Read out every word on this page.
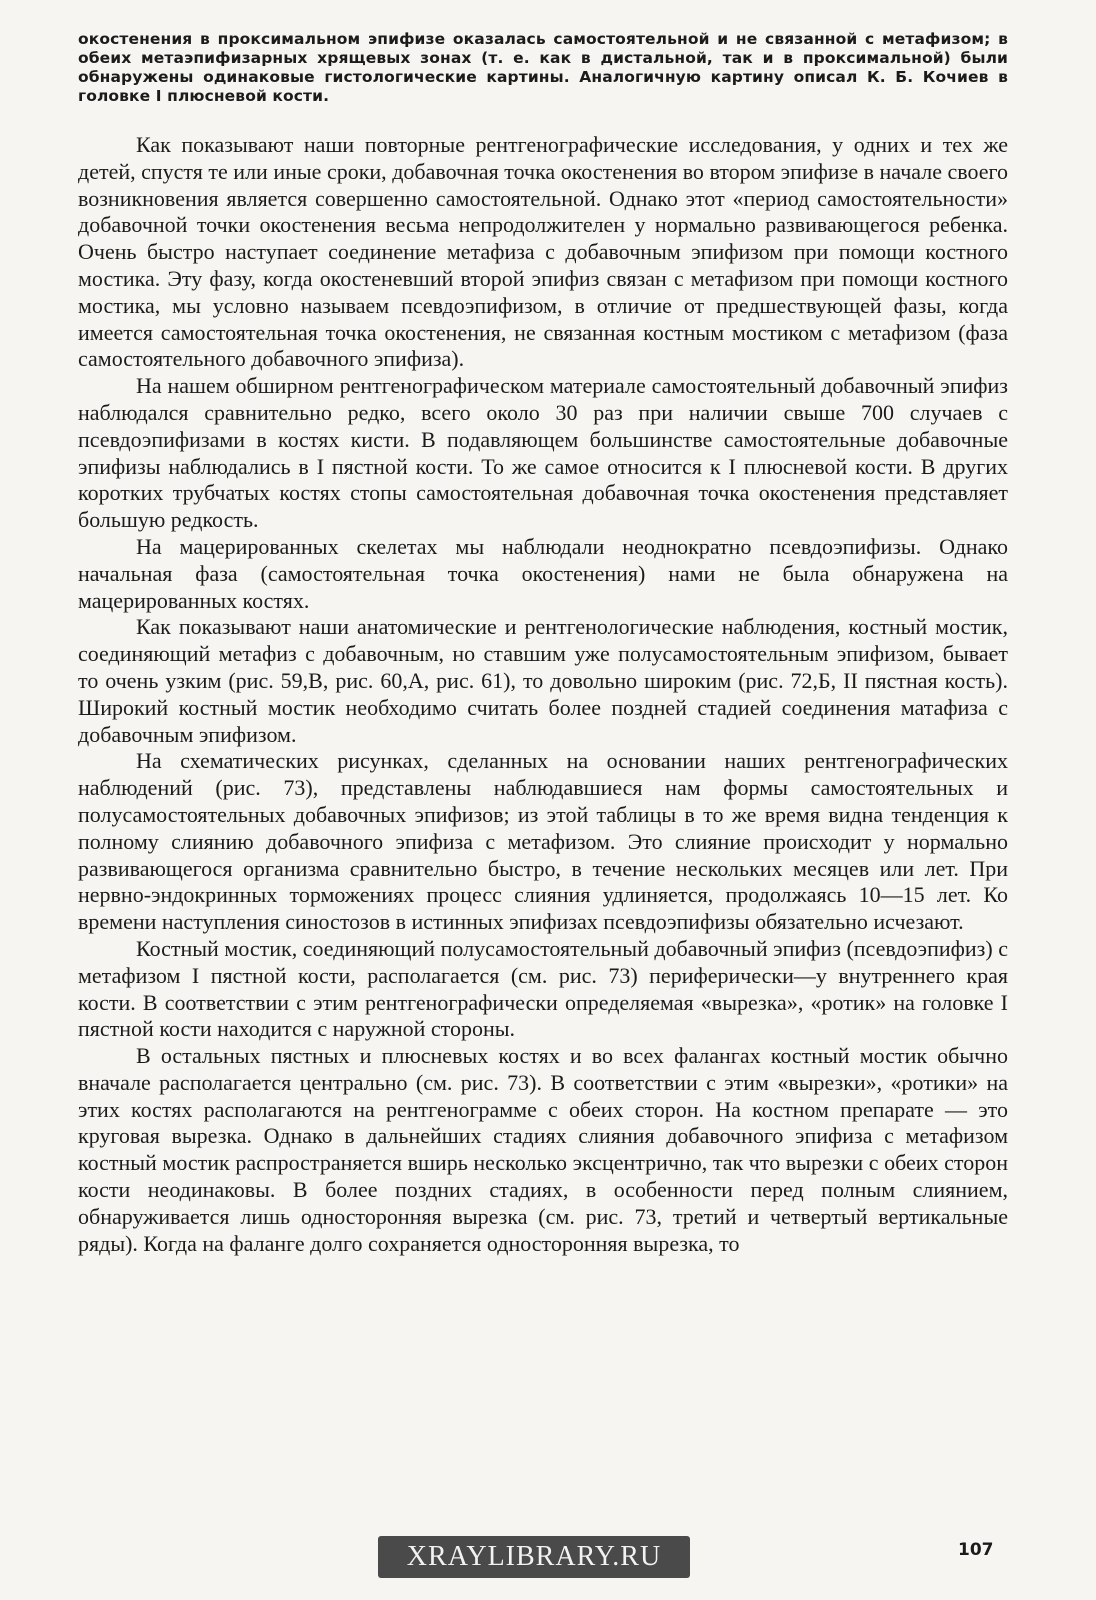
окостенения в проксимальном эпифизе оказалась самостоятельной и не связанной с метафизом; в обеих метаэпифизарных хрящевых зонах (т. е. как в дистальной, так и в проксимальной) были обнаружены одинаковые гистологические картины. Аналогичную картину описал К. Б. Кочиев в головке I плюсневой кости.

Как показывают наши повторные рентгенографические исследования, у одних и тех же детей, спустя те или иные сроки, добавочная точка окостенения во втором эпифизе в начале своего возникновения является совершенно самостоятельной. Однако этот «период самостоятельности» добавочной точки окостенения весьма непродолжителен у нормально развивающегося ребенка. Очень быстро наступает соединение метафиза с добавочным эпифизом при помощи костного мостика. Эту фазу, когда окостеневший второй эпифиз связан с метафизом при помощи костного мостика, мы условно называем псевдоэпифизом, в отличие от предшествующей фазы, когда имеется самостоятельная точка окостенения, не связанная костным мостиком с метафизом (фаза самостоятельного добавочного эпифиза).

На нашем обширном рентгенографическом материале самостоятельный добавочный эпифиз наблюдался сравнительно редко, всего около 30 раз при наличии свыше 700 случаев с псевдоэпифизами в костях кисти. В подавляющем большинстве самостоятельные добавочные эпифизы наблюдались в I пястной кости. То же самое относится к I плюсневой кости. В других коротких трубчатых костях стопы самостоятельная добавочная точка окостенения представляет большую редкость.

На мацерированных скелетах мы наблюдали неоднократно псевдоэпифизы. Однако начальная фаза (самостоятельная точка окостенения) нами не была обнаружена на мацерированных костях.

Как показывают наши анатомические и рентгенологические наблюдения, костный мостик, соединяющий метафиз с добавочным, но ставшим уже полусамостоятельным эпифизом, бывает то очень узким (рис. 59,В, рис. 60,А, рис. 61), то довольно широким (рис. 72,Б, II пястная кость). Широкий костный мостик необходимо считать более поздней стадией соединения матафиза с добавочным эпифизом.

На схематических рисунках, сделанных на основании наших рентгенографических наблюдений (рис. 73), представлены наблюдавшиеся нам формы самостоятельных и полусамостоятельных добавочных эпифизов; из этой таблицы в то же время видна тенденция к полному слиянию добавочного эпифиза с метафизом. Это слияние происходит у нормально развивающегося организма сравнительно быстро, в течение нескольких месяцев или лет. При нервно-эндокринных торможениях процесс слияния удлиняется, продолжаясь 10—15 лет. Ко времени наступления синостозов в истинных эпифизах псевдоэпифизы обязательно исчезают.

Костный мостик, соединяющий полусамостоятельный добавочный эпифиз (псевдоэпифиз) с метафизом I пястной кости, располагается (см. рис. 73) периферически—у внутреннего края кости. В соответствии с этим рентгенографически определяемая «вырезка», «ротик» на головке I пястной кости находится с наружной стороны.

В остальных пястных и плюсневых костях и во всех фалангах костный мостик обычно вначале располагается центрально (см. рис. 73). В соответствии с этим «вырезки», «ротики» на этих костях располагаются на рентгенограмме с обеих сторон. На костном препарате — это круговая вырезка. Однако в дальнейших стадиях слияния добавочного эпифиза с метафизом костный мостик распространяется вширь несколько эксцентрично, так что вырезки с обеих сторон кости неодинаковы. В более поздних стадиях, в особенности перед полным слиянием, обнаруживается лишь односторонняя вырезка (см. рис. 73, третий и четвертый вертикальные ряды). Когда на фаланге долго сохраняется односторонняя вырезка, то

XRAYLIBRARY.RU	107
